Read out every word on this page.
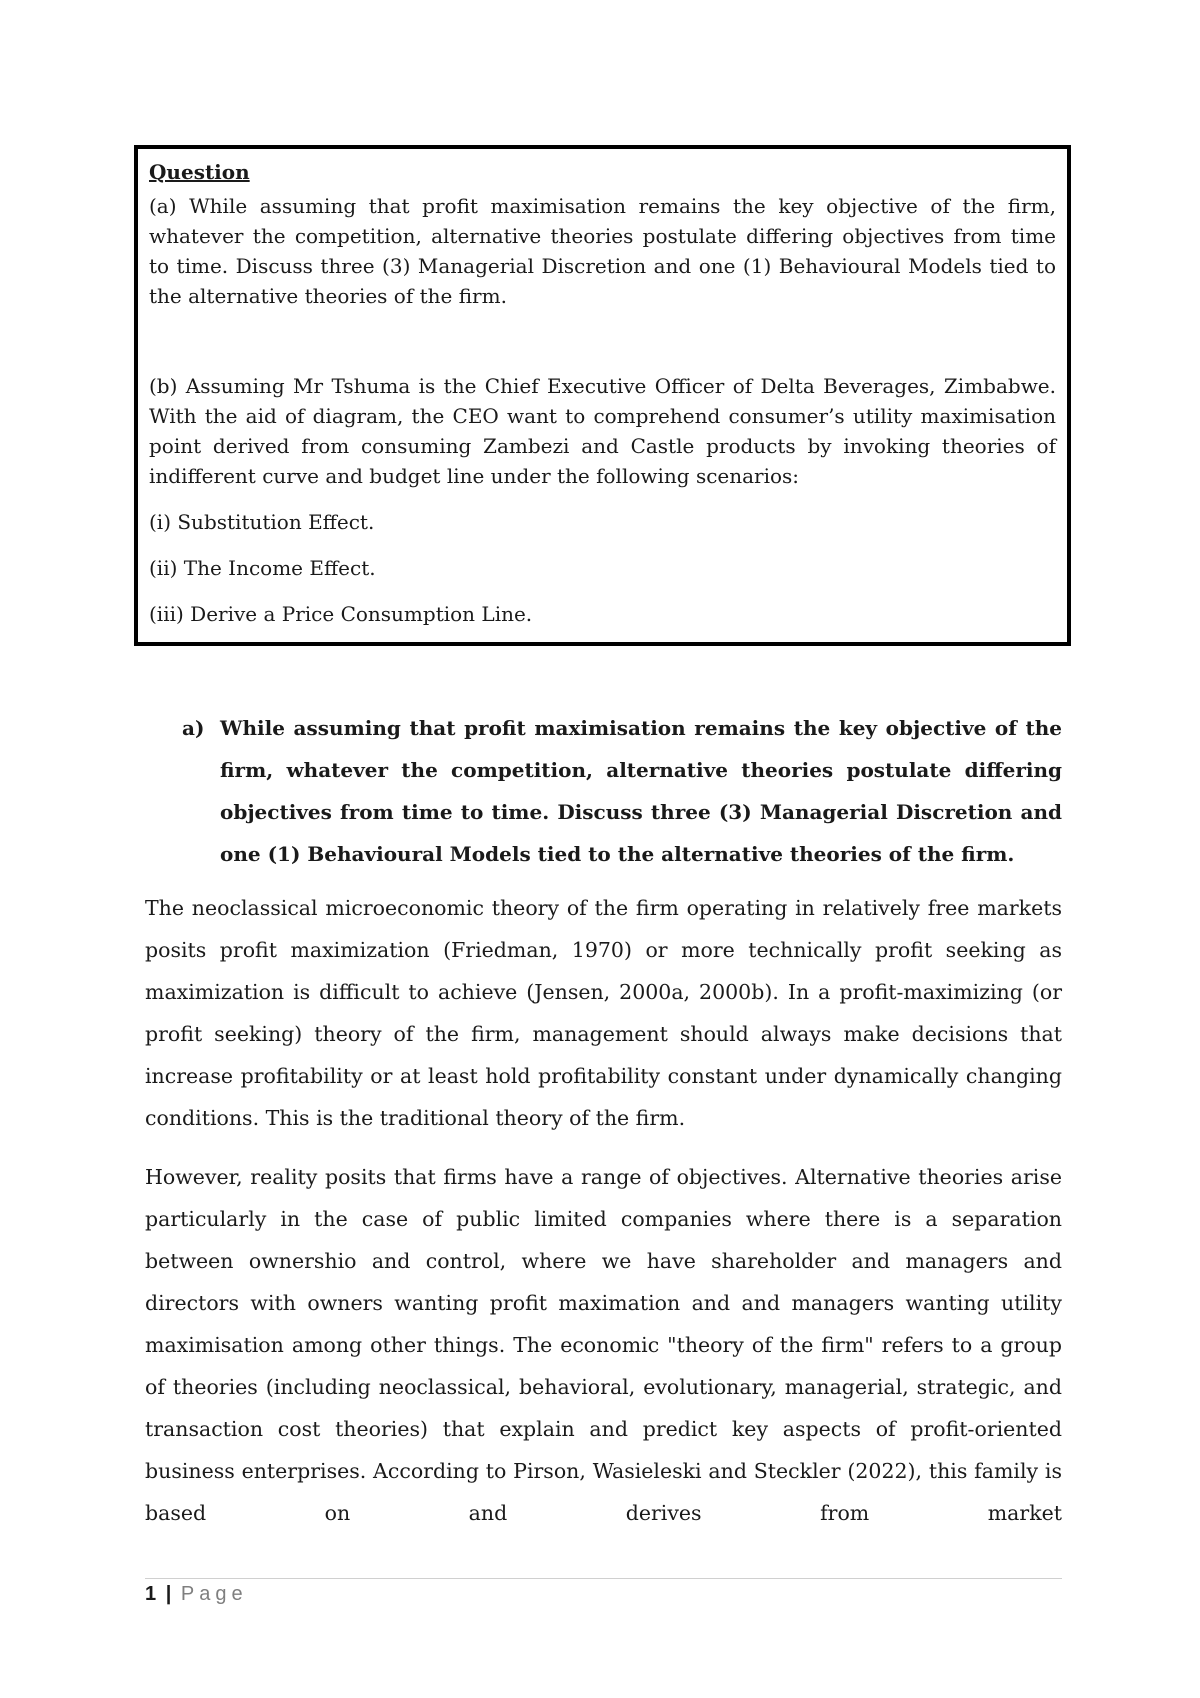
Question

(a) While assuming that profit maximisation remains the key objective of the firm, whatever the competition, alternative theories postulate differing objectives from time to time. Discuss three (3) Managerial Discretion and one (1) Behavioural Models tied to the alternative theories of the firm.

(b) Assuming Mr Tshuma is the Chief Executive Officer of Delta Beverages, Zimbabwe. With the aid of diagram, the CEO want to comprehend consumer’s utility maximisation point derived from consuming Zambezi and Castle products by invoking theories of indifferent curve and budget line under the following scenarios:

(i) Substitution Effect.

(ii) The Income Effect.

(iii) Derive a Price Consumption Line.

a) While assuming that profit maximisation remains the key objective of the firm, whatever the competition, alternative theories postulate differing objectives from time to time. Discuss three (3) Managerial Discretion and one (1) Behavioural Models tied to the alternative theories of the firm.

The neoclassical microeconomic theory of the firm operating in relatively free markets posits profit maximization (Friedman, 1970) or more technically profit seeking as maximization is difficult to achieve (Jensen, 2000a, 2000b). In a profit-maximizing (or profit seeking) theory of the firm, management should always make decisions that increase profitability or at least hold profitability constant under dynamically changing conditions. This is the traditional theory of the firm.

However, reality posits that firms have a range of objectives. Alternative theories arise particularly in the case of public limited companies where there is a separation between ownershio and control, where we have shareholder and managers and directors with owners wanting profit maximation and and managers wanting utility maximisation among other things. The economic "theory of the firm" refers to a group of theories (including neoclassical, behavioral, evolutionary, managerial, strategic, and transaction cost theories) that explain and predict key aspects of profit-oriented business enterprises. According to Pirson, Wasieleski and Steckler (2022), this family is based on and derives from market

1 | Page
